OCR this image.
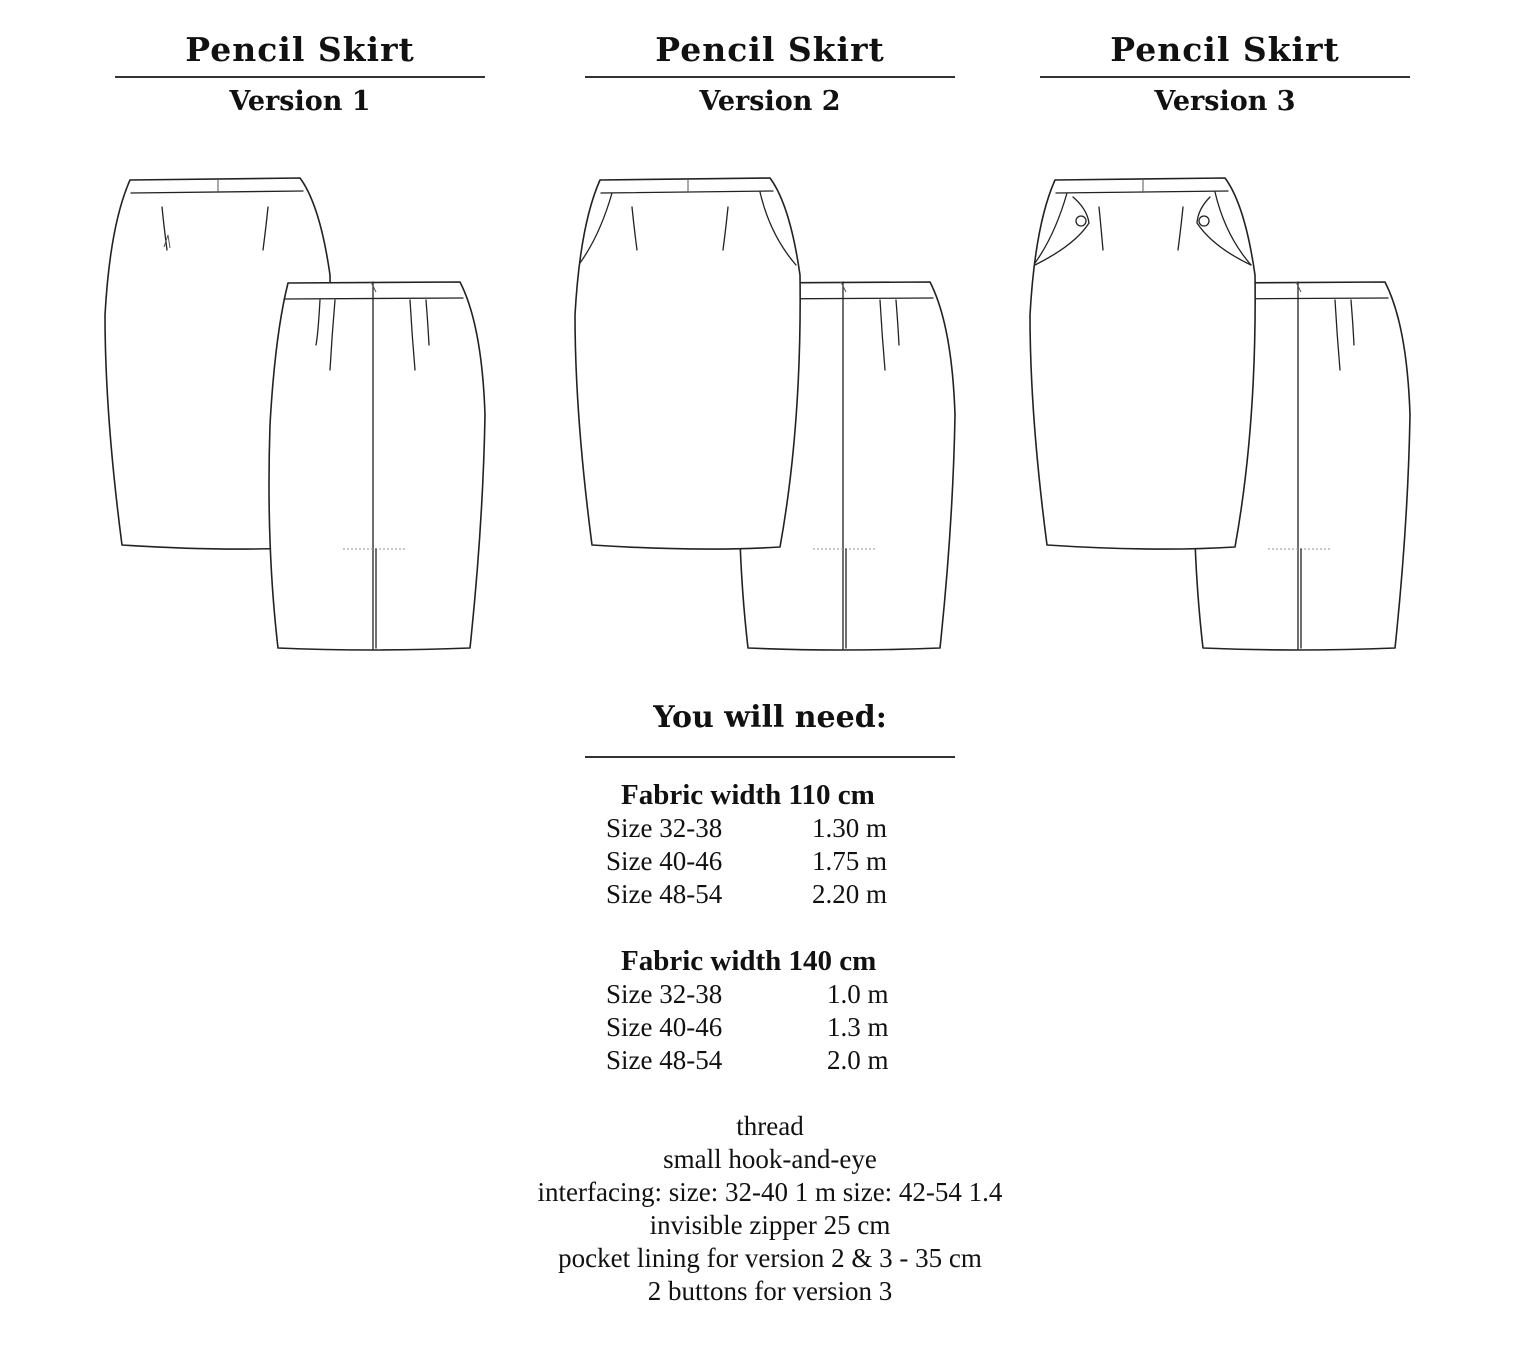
Pencil Skirt
Version 1
Pencil Skirt
Version 2
Pencil Skirt
Version 3
You will need:
Fabric width 110 cm
Size 32-38	1.30 m
Size 40-46	1.75 m
Size 48-54	2.20 m
Fabric width 140 cm
Size 32-38	1.0 m
Size 40-46	1.3 m
Size 48-54	2.0 m
thread
small hook-and-eye
interfacing: size: 32-40 1 m size: 42-54 1.4
invisible zipper 25 cm
pocket lining for version 2 & 3 - 35 cm
2 buttons for version 3
